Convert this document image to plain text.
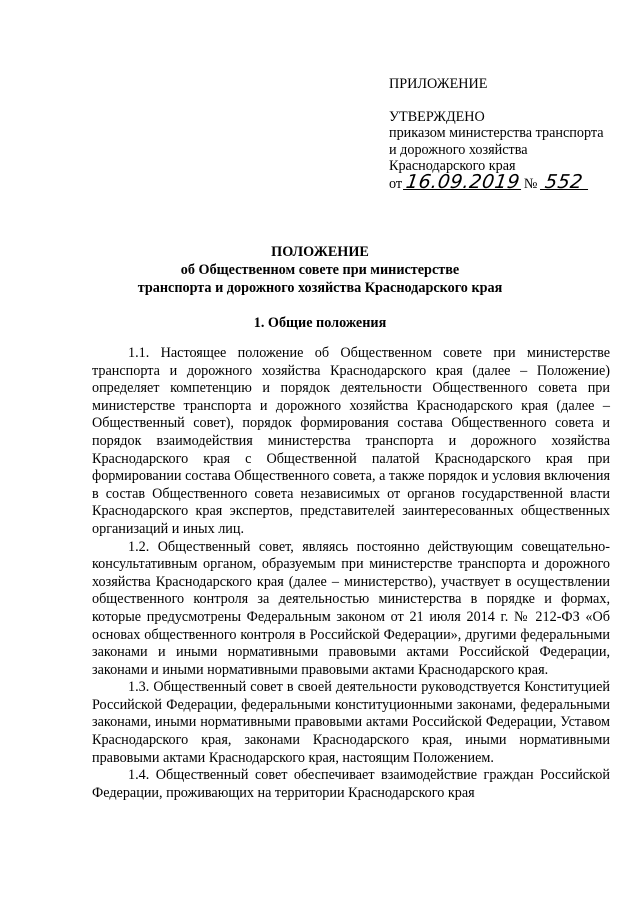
ПРИЛОЖЕНИЕ
УТВЕРЖДЕНО
приказом министерства транспорта
и дорожного хозяйства
Краснодарского края
от 16.09.2019 № 552
ПОЛОЖЕНИЕ
об Общественном совете при министерстве
транспорта и дорожного хозяйства Краснодарского края
1. Общие положения

1.1. Настоящее положение об Общественном совете при министерстве транспорта и дорожного хозяйства Краснодарского края (далее – Положение) определяет компетенцию и порядок деятельности Общественного совета при министерстве транспорта и дорожного хозяйства Краснодарского края (далее – Общественный совет), порядок формирования состава Общественного совета и порядок взаимодействия министерства транспорта и дорожного хозяйства Краснодарского края с Общественной палатой Краснодарского края при формировании состава Общественного совета, а также порядок и условия включения в состав Общественного совета независимых от органов государственной власти Краснодарского края экспертов, представителей заинтересованных общественных организаций и иных лиц.

1.2. Общественный совет, являясь постоянно действующим совещательно-консультативным органом, образуемым при министерстве транспорта и дорожного хозяйства Краснодарского края (далее – министерство), участвует в осуществлении общественного контроля за деятельностью министерства в порядке и формах, которые предусмотрены Федеральным законом от 21 июля 2014 г. № 212-ФЗ «Об основах общественного контроля в Российской Федерации», другими федеральными законами и иными нормативными правовыми актами Российской Федерации, законами и иными нормативными правовыми актами Краснодарского края.

1.3. Общественный совет в своей деятельности руководствуется Конституцией Российской Федерации, федеральными конституционными законами, федеральными законами, иными нормативными правовыми актами Российской Федерации, Уставом Краснодарского края, законами Краснодарского края, иными нормативными правовыми актами Краснодарского края, настоящим Положением.

1.4. Общественный совет обеспечивает взаимодействие граждан Российской Федерации, проживающих на территории Краснодарского края
